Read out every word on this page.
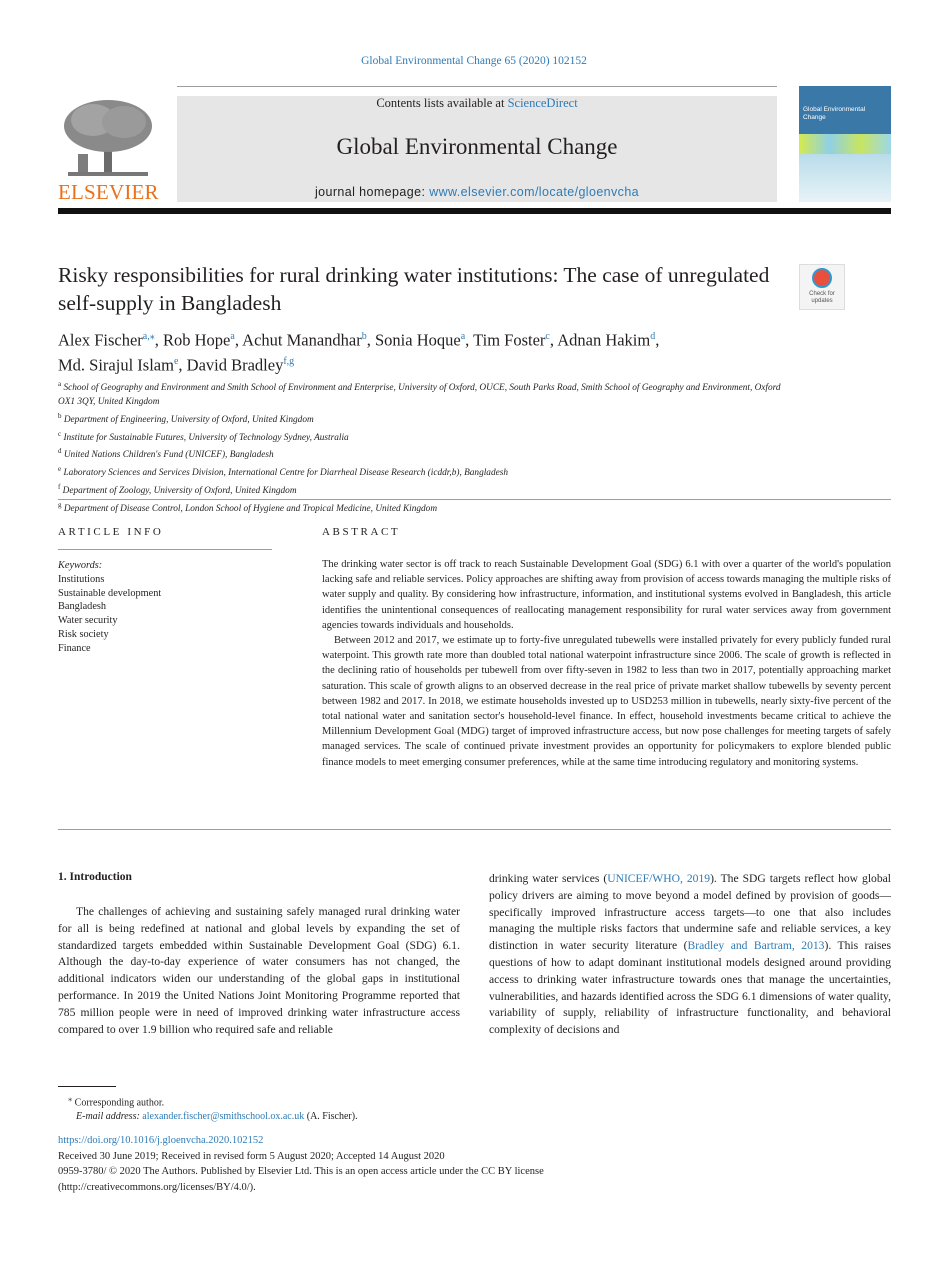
Global Environmental Change 65 (2020) 102152
ELSEVIER
Contents lists available at ScienceDirect
Global Environmental Change
journal homepage: www.elsevier.com/locate/gloenvcha
Global Environmental Change
Risky responsibilities for rural drinking water institutions: The case of unregulated self-supply in Bangladesh	Check for updates
Alex Fischer$^{a,⁎}$, Rob Hope$^a$, Achut Manandhar$^b$, Sonia Hoque$^a$, Tim Foster$^c$, Adnan Hakim$^d$,
Md. Sirajul Islam$^e$, David Bradley$^{f,g}$
$^a$ School of Geography and Environment and Smith School of Environment and Enterprise, University of Oxford, OUCE, South Parks Road, Smith School of Geography and Environment, Oxford OX1 3QY, United Kingdom
$^b$ Department of Engineering, University of Oxford, United Kingdom
$^c$ Institute for Sustainable Futures, University of Technology Sydney, Australia
$^d$ United Nations Children's Fund (UNICEF), Bangladesh
$^e$ Laboratory Sciences and Services Division, International Centre for Diarrheal Disease Research (icddr,b), Bangladesh
$^f$ Department of Zoology, University of Oxford, United Kingdom
$^g$ Department of Disease Control, London School of Hygiene and Tropical Medicine, United Kingdom
ARTICLE INFO
Keywords:
Institutions
Sustainable development
Bangladesh
Water security
Risk society
Finance
ABSTRACT

The drinking water sector is off track to reach Sustainable Development Goal (SDG) 6.1 with over a quarter of the world's population lacking safe and reliable services. Policy approaches are shifting away from provision of access towards managing the multiple risks of water supply and quality. By considering how infrastructure, information, and institutional systems evolved in Bangladesh, this article identifies the unintentional consequences of reallocating management responsibility for rural water services away from government agencies towards individuals and households.

Between 2012 and 2017, we estimate up to forty-five unregulated tubewells were installed privately for every publicly funded rural waterpoint. This growth rate more than doubled total national waterpoint infrastructure since 2006. The scale of growth is reflected in the declining ratio of households per tubewell from over fifty-seven in 1982 to less than two in 2017, potentially approaching market saturation. This scale of growth aligns to an observed decrease in the real price of private market shallow tubewells by seventy percent between 1982 and 2017. In 2018, we estimate households invested up to USD253 million in tubewells, nearly sixty-five percent of the total national water and sanitation sector's household-level finance. In effect, household investments became critical to achieve the Millennium Development Goal (MDG) target of improved infrastructure access, but now pose challenges for meeting targets of safely managed services. The scale of continued private investment provides an opportunity for policymakers to explore blended public finance models to meet emerging consumer preferences, while at the same time introducing regulatory and monitoring systems.

1. Introduction
The challenges of achieving and sustaining safely managed rural drinking water for all is being redefined at national and global levels by expanding the set of standardized targets embedded within Sustainable Development Goal (SDG) 6.1. Although the day-to-day experience of water consumers has not changed, the additional indicators widen our understanding of the global gaps in institutional performance. In 2019 the United Nations Joint Monitoring Programme reported that 785 million people were in need of improved drinking water infrastructure access compared to over 1.9 billion who required safe and reliable
drinking water services (UNICEF/WHO, 2019). The SDG targets reflect how global policy drivers are aiming to move beyond a model defined by provision of goods—specifically improved infrastructure access targets—to one that also includes managing the multiple risks factors that undermine safe and reliable services, a key distinction in water security literature (Bradley and Bartram, 2013). This raises questions of how to adapt dominant institutional models designed around providing access to drinking water infrastructure towards ones that manage the uncertainties, vulnerabilities, and hazards identified across the SDG 6.1 dimensions of water quality, variability of supply, reliability of infrastructure functionality, and behavioral complexity of decisions and
⁎ Corresponding author.
E-mail address: alexander.fischer@smithschool.ox.ac.uk (A. Fischer).
https://doi.org/10.1016/j.gloenvcha.2020.102152
Received 30 June 2019; Received in revised form 5 August 2020; Accepted 14 August 2020
0959-3780/ © 2020 The Authors. Published by Elsevier Ltd. This is an open access article under the CC BY license
(http://creativecommons.org/licenses/BY/4.0/).
